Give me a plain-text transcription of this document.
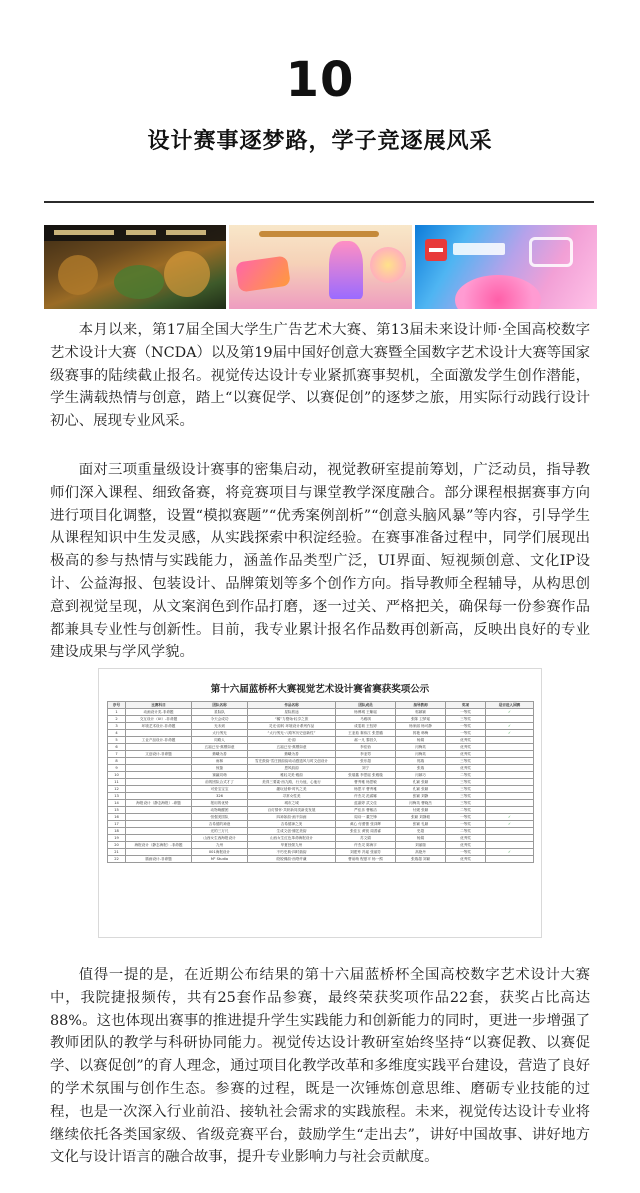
10
设计赛事逐梦路，学子竞逐展风采

本月以来，第17届全国大学生广告艺术大赛、第13届未来设计师·全国高校数字艺术设计大赛（NCDA）以及第19届中国好创意大赛暨全国数字艺术设计大赛等国家级赛事的陆续截止报名。视觉传达设计专业紧抓赛事契机，全面激发学生创作潜能，学生满载热情与创意，踏上“以赛促学、以赛促创”的逐梦之旅，用实际行动践行设计初心、展现专业风采。

面对三项重量级设计赛事的密集启动，视觉教研室提前筹划，广泛动员，指导教师们深入课程、细致备赛，将竞赛项目与课堂教学深度融合。部分课程根据赛事方向进行项目化调整，设置“模拟赛题”“优秀案例剖析”“创意头脑风暴”等内容，引导学生从课程知识中生发灵感，从实践探索中积淀经验。在赛事准备过程中，同学们展现出极高的参与热情与实践能力，涵盖作品类型广泛，UI界面、短视频创意、文化IP设计、公益海报、包装设计、品牌策划等多个创作方向。指导教师全程辅导，从构思创意到视觉呈现，从文案润色到作品打磨，逐一过关、严格把关，确保每一份参赛作品都兼具专业性与创新性。目前，我专业累计报名作品数再创新高，反映出良好的专业建设成果与学风学貌。

第十六届蓝桥杯大赛视觉艺术设计赛省赛获奖项公示
序号	比赛科目	团队名称	作品名称	团队成员	指导教师	奖项	是否进入国赛
1	动画设计类-非命题	星际队	星际旅途	杨博城 王紫瑶	郭颖颖	一等奖	✓
2	交互设计（UI）-非命题	今天会成功	“橘”力橙始·轻享之旅	马雅琪	张陈 卫梦瑶	三等奖	
3	环境艺术设计-非命题	光未到	灵光·韵转 环境设计系列作品	成雯莉 王钰婷	杨家丽 杨可静	一等奖	✓
4		太行绣光	“太行绣光·八路军历史创新性”	王亚茹 秦伟江 张思璐	郭艳 韩梅	一等奖	✓
5	工业产品设计-非命题	同路人	光·韵	郝一凡 黎昌久	杨娟	优秀奖	
6		五福已至·蕉栖如意	五福已至·蕉栖如意	李佳怡	闫梅英	优秀奖	
7	文创设计-非命题	鼎曦为善	鼎曦为善	李亚男	闫梅英	优秀奖	
8		雨林	雪庄鼓韵·雪庄鼓韵韵动动感遗风与时文创设计	张东超	郭瑞	三等奖	
9		惊蛰	恩风韵韵	刘宁	张瑞	优秀奖	
10		赛赢同萌	雅轻灵美·雅韵	张瑞鑫 李思瑶 张雅璇	闫颖巧	二等奖	
11		前的团队合式才了	美得三要素·西九路，行为他，心他行	曹秀雅 杨思敏	孔颖 张颖	三等奖	
12		可爱宝宝宝	趣玩延伸·时代之美	杨思平 曹秀雅	孔颖 张颖	三等奖	
13		326	寻常女性美	许杰灵 范睿娜	张颖 刘静	三等奖	
14	海报设计（静态海报）-命题	报用的优势	城市之城	蓝嘉婷 武文佳	闫梅英 曹晓杰	三等奖	
15		动物唤醒团	百灯情怀·共织新同类新变发展	严佳乐 曹敏洁	付媛 张颖	二等奖	
16		恒强美国队	四神如韵·画不如画	周诗一 董芝锋	张颖 刘静聪	一等奖	✓
17		吉希德的神迹	吉希德神之美	黄心 付蕾蕾 张泽辉	张颖 孔颖	一等奖	✓
18		光的三万尺	生成文创·缠艺美韵	张佳玉 黄锐 周善睿	史超	二等奖	
19		山西女生西海报设计	山西女生红色革命海报设计	苏文娟	杨娟	优秀奖	
20	海报设计（静态海报）-非命题	九州	华夏独领九州	许杰灵 陈海宇	刘丽瑞	优秀奖	
21		001海报设计	不朽史典·四时谐韵	刘建秀 冯瑶 张丽芳	高艳丹	一等奖	✓
22	插画设计-非命题	M² Studio	皎皎佛韵·西塔许谦	曹前萌 程夏平 杨一熊	张瑞超 刘颖	优秀奖	

值得一提的是，在近期公布结果的第十六届蓝桥杯全国高校数字艺术设计大赛中，我院捷报频传，共有25套作品参赛，最终荣获奖项作品22套，获奖占比高达88%。这也体现出赛事的推进提升学生实践能力和创新能力的同时，更进一步增强了教师团队的教学与科研协同能力。视觉传达设计教研室始终坚持“以赛促教、以赛促学、以赛促创”的育人理念，通过项目化教学改革和多维度实践平台建设，营造了良好的学术氛围与创作生态。参赛的过程，既是一次锤炼创意思维、磨砺专业技能的过程，也是一次深入行业前沿、接轨社会需求的实践旅程。未来，视觉传达设计专业将继续依托各类国家级、省级竞赛平台，鼓励学生“走出去”，讲好中国故事、讲好地方文化与设计语言的融合故事，提升专业影响力与社会贡献度。
